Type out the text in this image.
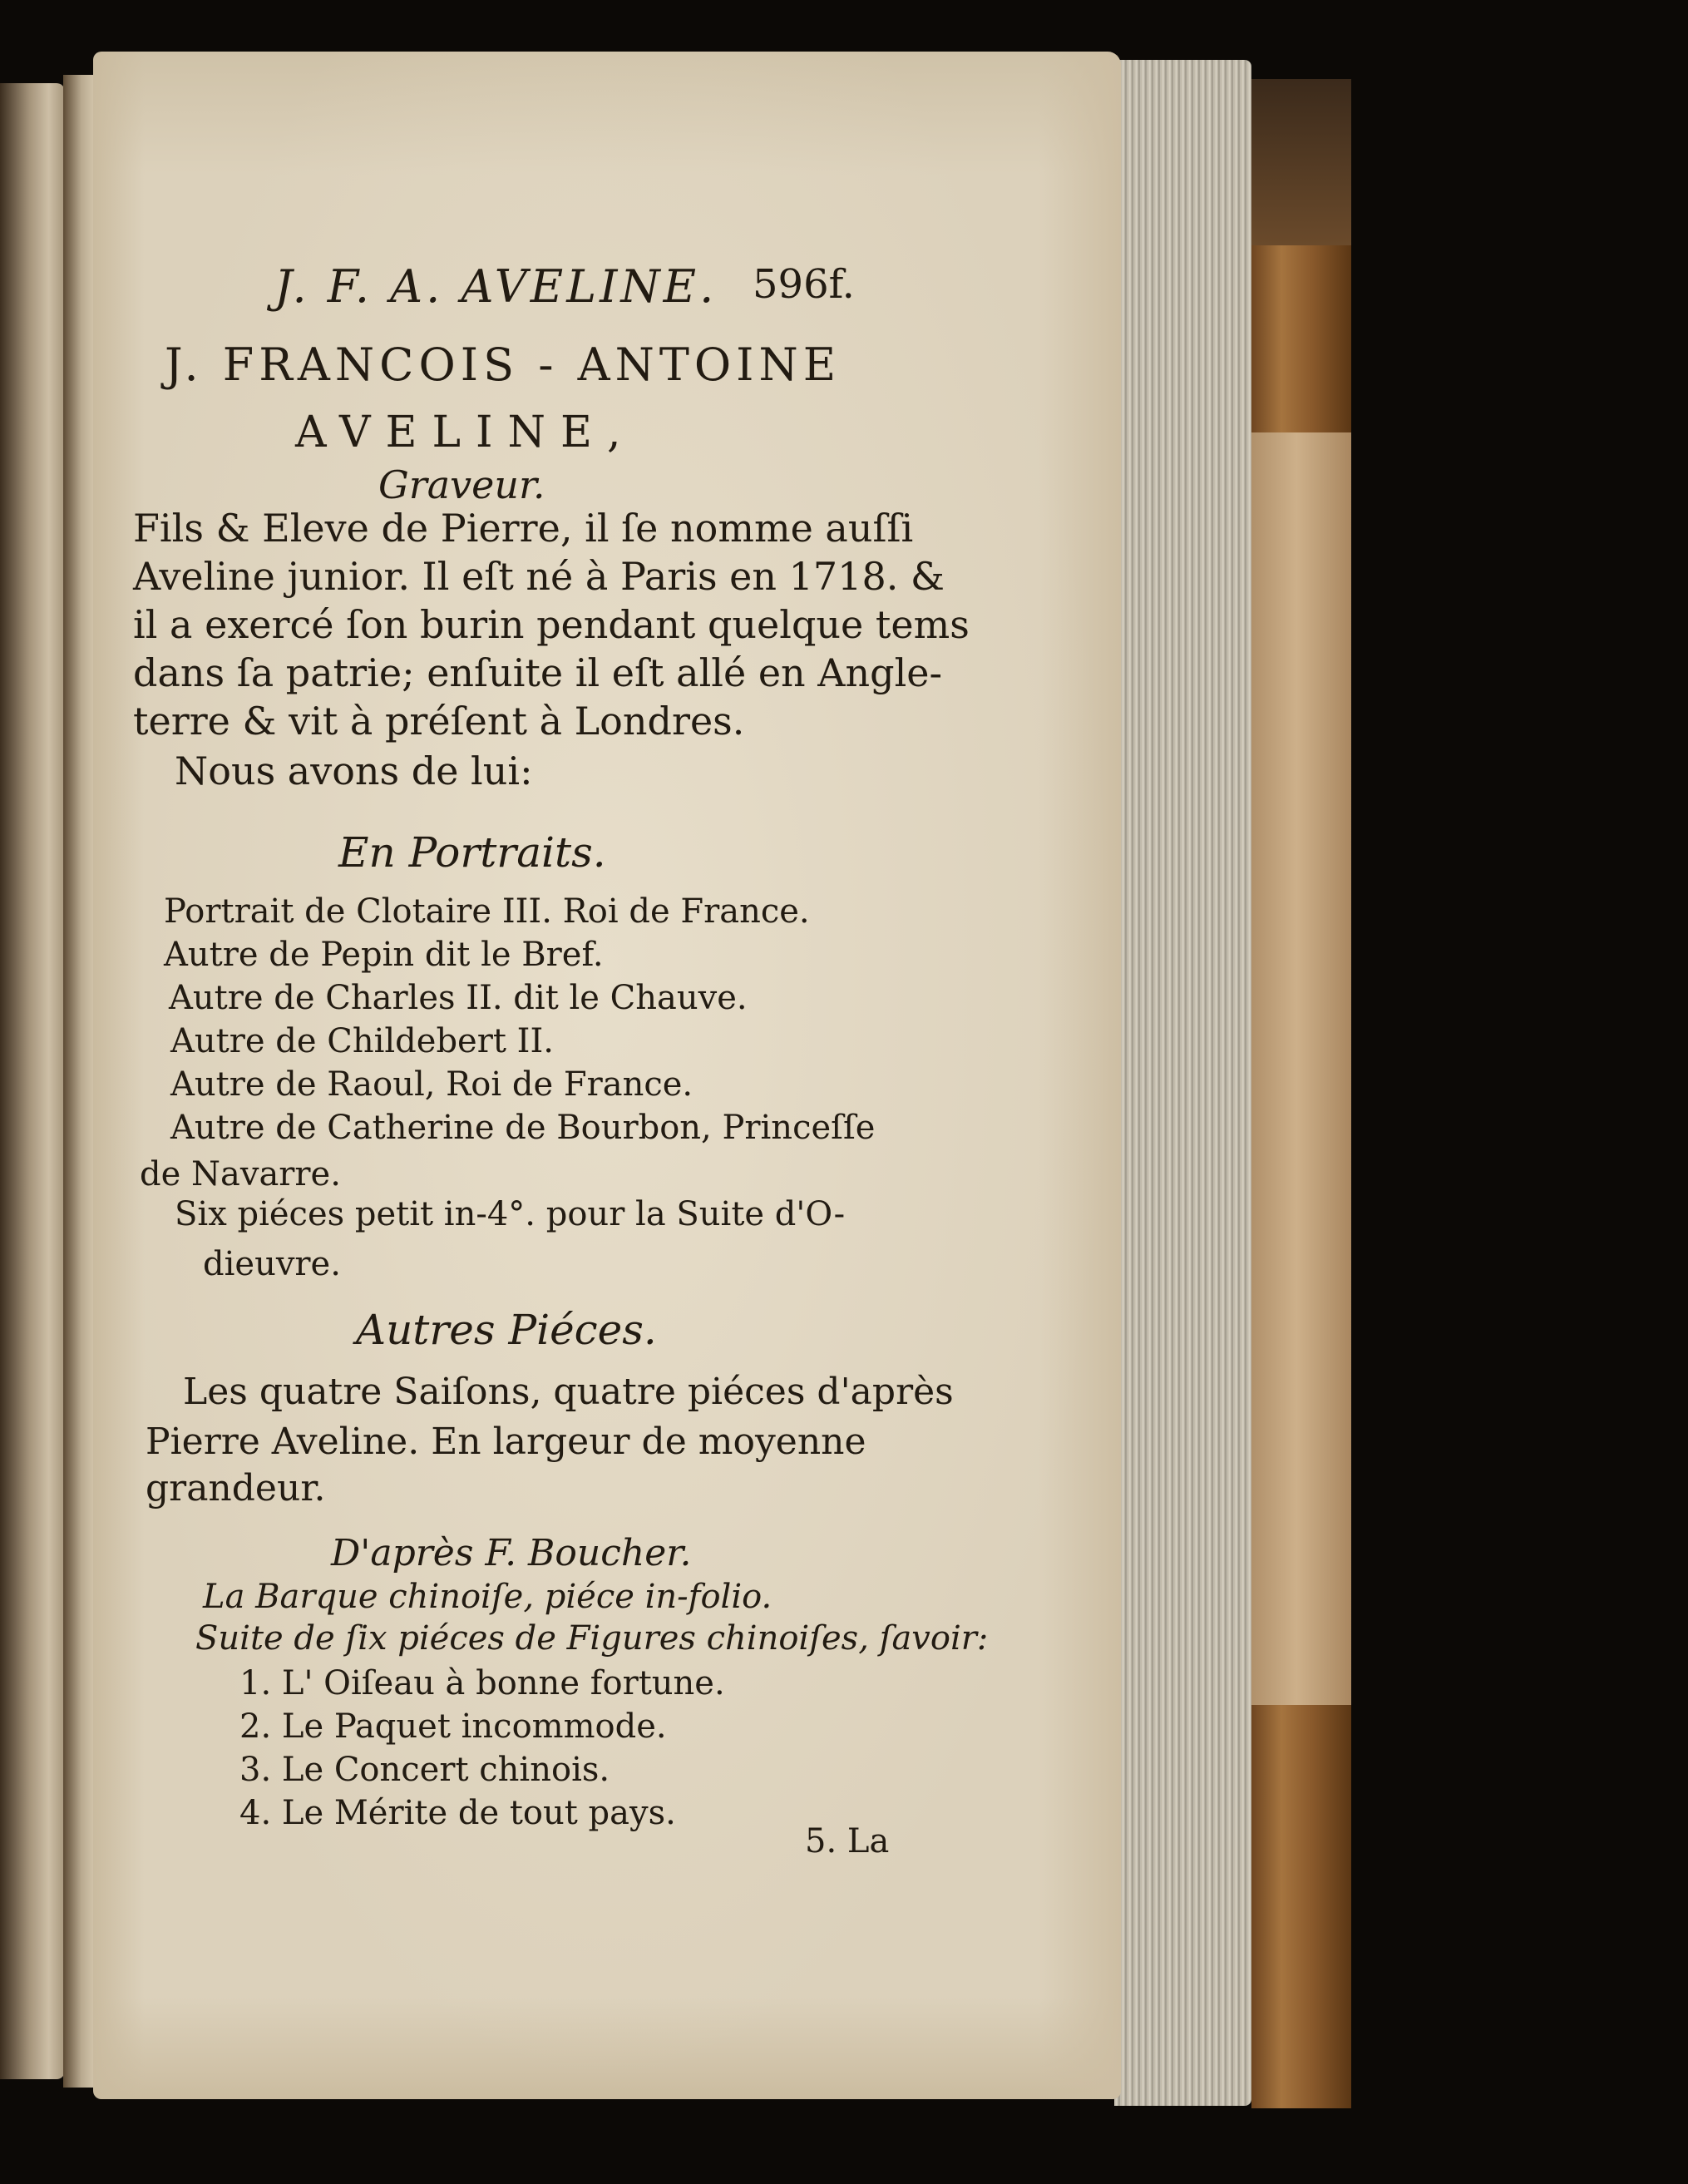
J. F. A. AVELINE. 596f.
J. FRANCOIS - ANTOINE
AVELINE,
Graveur.
Fils & Eleve de Pierre, il ſe nomme auſſi
Aveline junior. Il eſt né à Paris en 1718. &
il a exercé ſon burin pendant quelque tems
dans ſa patrie; enſuite il eſt allé en Angle-
terre & vit à préſent à Londres.
Nous avons de lui:
En Portraits.
Portrait de Clotaire III. Roi de France.
Autre de Pepin dit le Bref.
Autre de Charles II. dit le Chauve.
Autre de Childebert II.
Autre de Raoul, Roi de France.
Autre de Catherine de Bourbon, Princeſſe
de Navarre.
Six piéces petit in-4°. pour la Suite d'O-
dieuvre.
Autres Piéces.
Les quatre Saiſons, quatre piéces d'après
Pierre Aveline. En largeur de moyenne
grandeur.
D'après F. Boucher.
La Barque chinoiſe, piéce in-folio.
Suite de ſix piéces de Figures chinoiſes, ſavoir:
1. L' Oiſeau à bonne fortune.
2. Le Paquet incommode.
3. Le Concert chinois.
4. Le Mérite de tout pays.
5. La
